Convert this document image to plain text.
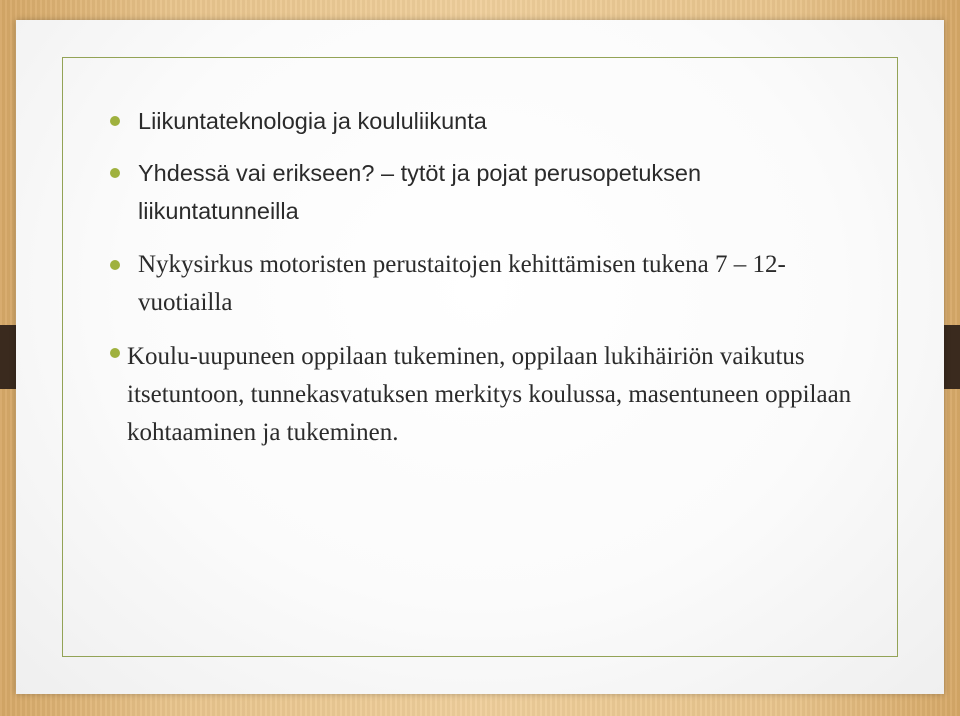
Liikuntateknologia ja koululiikunta
Yhdessä vai erikseen? – tytöt ja pojat perusopetuksen liikuntatunneilla
Nykysirkus motoristen perustaitojen kehittämisen tukena 7 – 12-vuotiailla
Koulu-uupuneen oppilaan tukeminen, oppilaan lukihäiriön vaikutus itsetuntoon, tunnekasvatuksen merkitys koulussa, masentuneen oppilaan kohtaaminen ja tukeminen.
